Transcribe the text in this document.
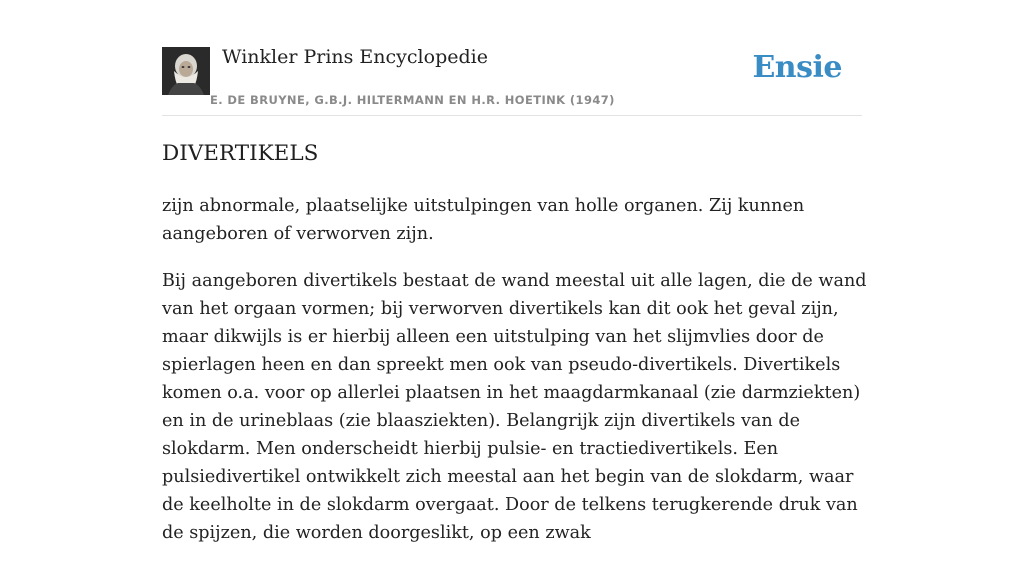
Winkler Prins Encyclopedie
E. DE BRUYNE, G.B.J. HILTERMANN EN H.R. HOETINK (1947)
Ensie
DIVERTIKELS

zijn abnormale, plaatselijke uitstulpingen van holle organen. Zij kunnen aangeboren of verworven zijn.

Bij aangeboren divertikels bestaat de wand meestal uit alle lagen, die de wand van het orgaan vormen; bij verworven divertikels kan dit ook het geval zijn, maar dikwijls is er hierbij alleen een uitstulping van het slijmvlies door de spierlagen heen en dan spreekt men ook van pseudo-divertikels. Divertikels komen o.a. voor op allerlei plaatsen in het maagdarmkanaal (zie darmziekten) en in de urineblaas (zie blaasziekten). Belangrijk zijn divertikels van de slokdarm. Men onderscheidt hierbij pulsie- en tractiedivertikels. Een pulsiedivertikel ontwikkelt zich meestal aan het begin van de slokdarm, waar de keelholte in de slokdarm overgaat. Door de telkens terugkerende druk van de spijzen, die worden doorgeslikt, op een zwak
